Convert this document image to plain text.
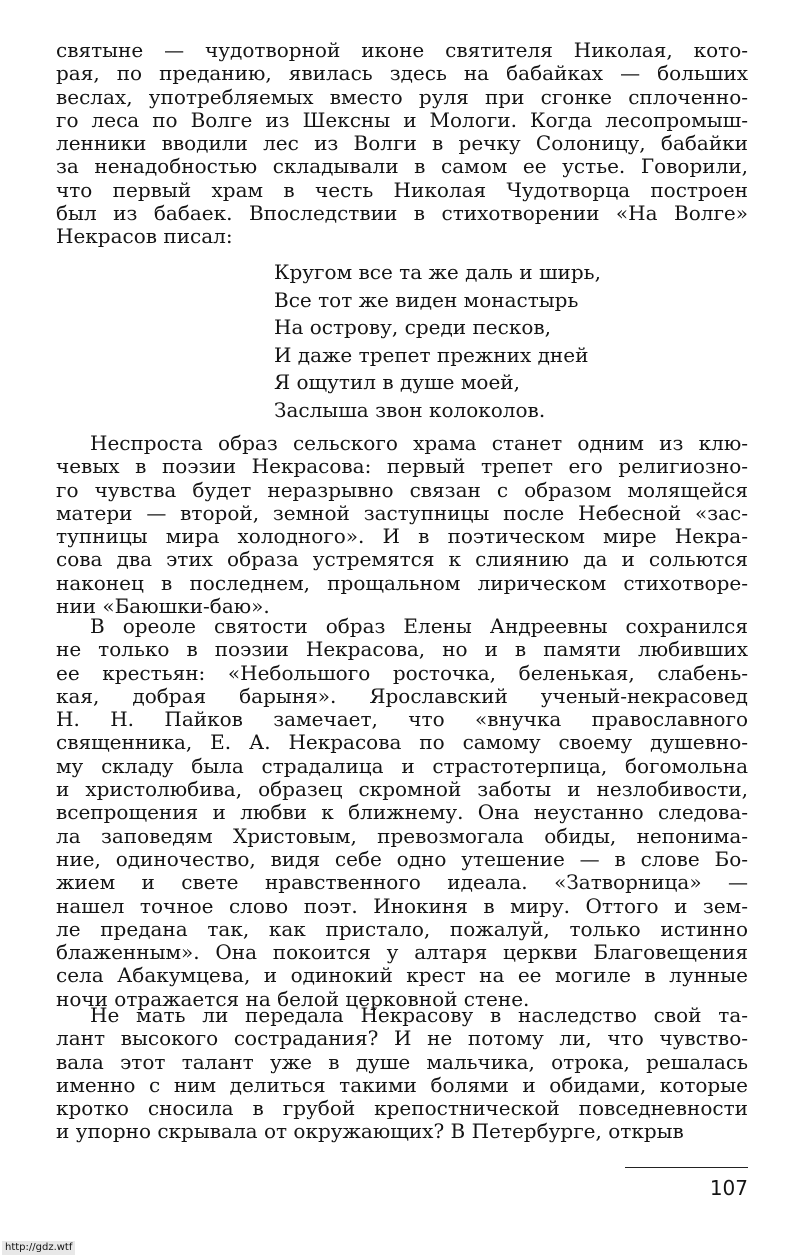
святыне — чудотворной иконе святителя Николая, кото-
рая, по преданию, явилась здесь на бабайках — больших
веслах, употребляемых вместо руля при сгонке сплоченно-
го леса по Волге из Шексны и Мологи. Когда лесопромыш-
ленники вводили лес из Волги в речку Солоницу, бабайки
за ненадобностью складывали в самом ее устье. Говорили,
что первый храм в честь Николая Чудотворца построен
был из бабаек. Впоследствии в стихотворении «На Волге»
Некрасов писал:
Кругом все та же даль и ширь,
Все тот же виден монастырь
На острову, среди песков,
И даже трепет прежних дней
Я ощутил в душе моей,
Заслыша звон колоколов.
Неспроста образ сельского храма станет одним из клю-
чевых в поэзии Некрасова: первый трепет его религиозно-
го чувства будет неразрывно связан с образом молящейся
матери — второй, земной заступницы после Небесной «зас-
тупницы мира холодного». И в поэтическом мире Некра-
сова два этих образа устремятся к слиянию да и сольются
наконец в последнем, прощальном лирическом стихотворе-
нии «Баюшки-баю».
В ореоле святости образ Елены Андреевны сохранился
не только в поэзии Некрасова, но и в памяти любивших
ее крестьян: «Небольшого росточка, беленькая, слабень-
кая, добрая барыня». Ярославский ученый-некрасовед
Н. Н. Пайков замечает, что «внучка православного
священника, Е. А. Некрасова по самому своему душевно-
му складу была страдалица и страстотерпица, богомольна
и христолюбива, образец скромной заботы и незлобивости,
всепрощения и любви к ближнему. Она неустанно следова-
ла заповедям Христовым, превозмогала обиды, непонима-
ние, одиночество, видя себе одно утешение — в слове Бо-
жием и свете нравственного идеала. «Затворница» —
нашел точное слово поэт. Инокиня в миру. Оттого и зем-
ле предана так, как пристало, пожалуй, только истинно
блаженным». Она покоится у алтаря церкви Благовещения
села Абакумцева, и одинокий крест на ее могиле в лунные
ночи отражается на белой церковной стене.
Не мать ли передала Некрасову в наследство свой та-
лант высокого сострадания? И не потому ли, что чувство-
вала этот талант уже в душе мальчика, отрока, решалась
именно с ним делиться такими болями и обидами, которые
кротко сносила в грубой крепостнической повседневности
и упорно скрывала от окружающих? В Петербурге, открыв
107
http://gdz.wtf
